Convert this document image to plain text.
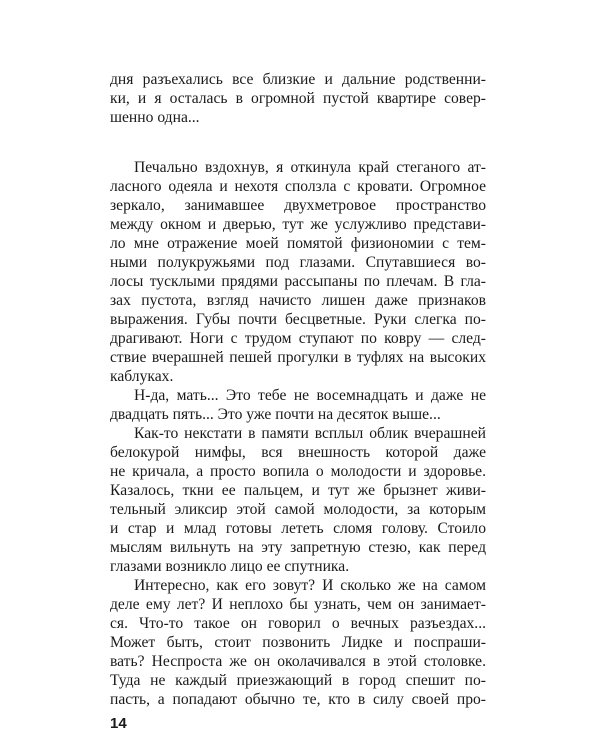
дня разъехались все близкие и дальние родственни-
ки, и я осталась в огромной пустой квартире совер-
шенно одна...
Печально вздохнув, я откинула край стеганого ат-
ласного одеяла и нехотя сползла с кровати. Огромное
зеркало, занимавшее двухметровое пространство
между окном и дверью, тут же услужливо представи-
ло мне отражение моей помятой физиономии с тем-
ными полукружьями под глазами. Спутавшиеся во-
лосы тусклыми прядями рассыпаны по плечам. В гла-
зах пустота, взгляд начисто лишен даже признаков
выражения. Губы почти бесцветные. Руки слегка по-
драгивают. Ноги с трудом ступают по ковру — след-
ствие вчерашней пешей прогулки в туфлях на высоких
каблуках.
Н-да, мать... Это тебе не восемнадцать и даже не
двадцать пять... Это уже почти на десяток выше...
Как-то некстати в памяти всплыл облик вчерашней
белокурой нимфы, вся внешность которой даже
не кричала, а просто вопила о молодости и здоровье.
Казалось, ткни ее пальцем, и тут же брызнет живи-
тельный эликсир этой самой молодости, за которым
и стар и млад готовы лететь сломя голову. Стоило
мыслям вильнуть на эту запретную стезю, как перед
глазами возникло лицо ее спутника.
Интересно, как его зовут? И сколько же на самом
деле ему лет? И неплохо бы узнать, чем он занимает-
ся. Что-то такое он говорил о вечных разъездах...
Может быть, стоит позвонить Лидке и поспраши-
вать? Неспроста же он околачивался в этой столовке.
Туда не каждый приезжающий в город спешит по-
пасть, а попадают обычно те, кто в силу своей про-
14
